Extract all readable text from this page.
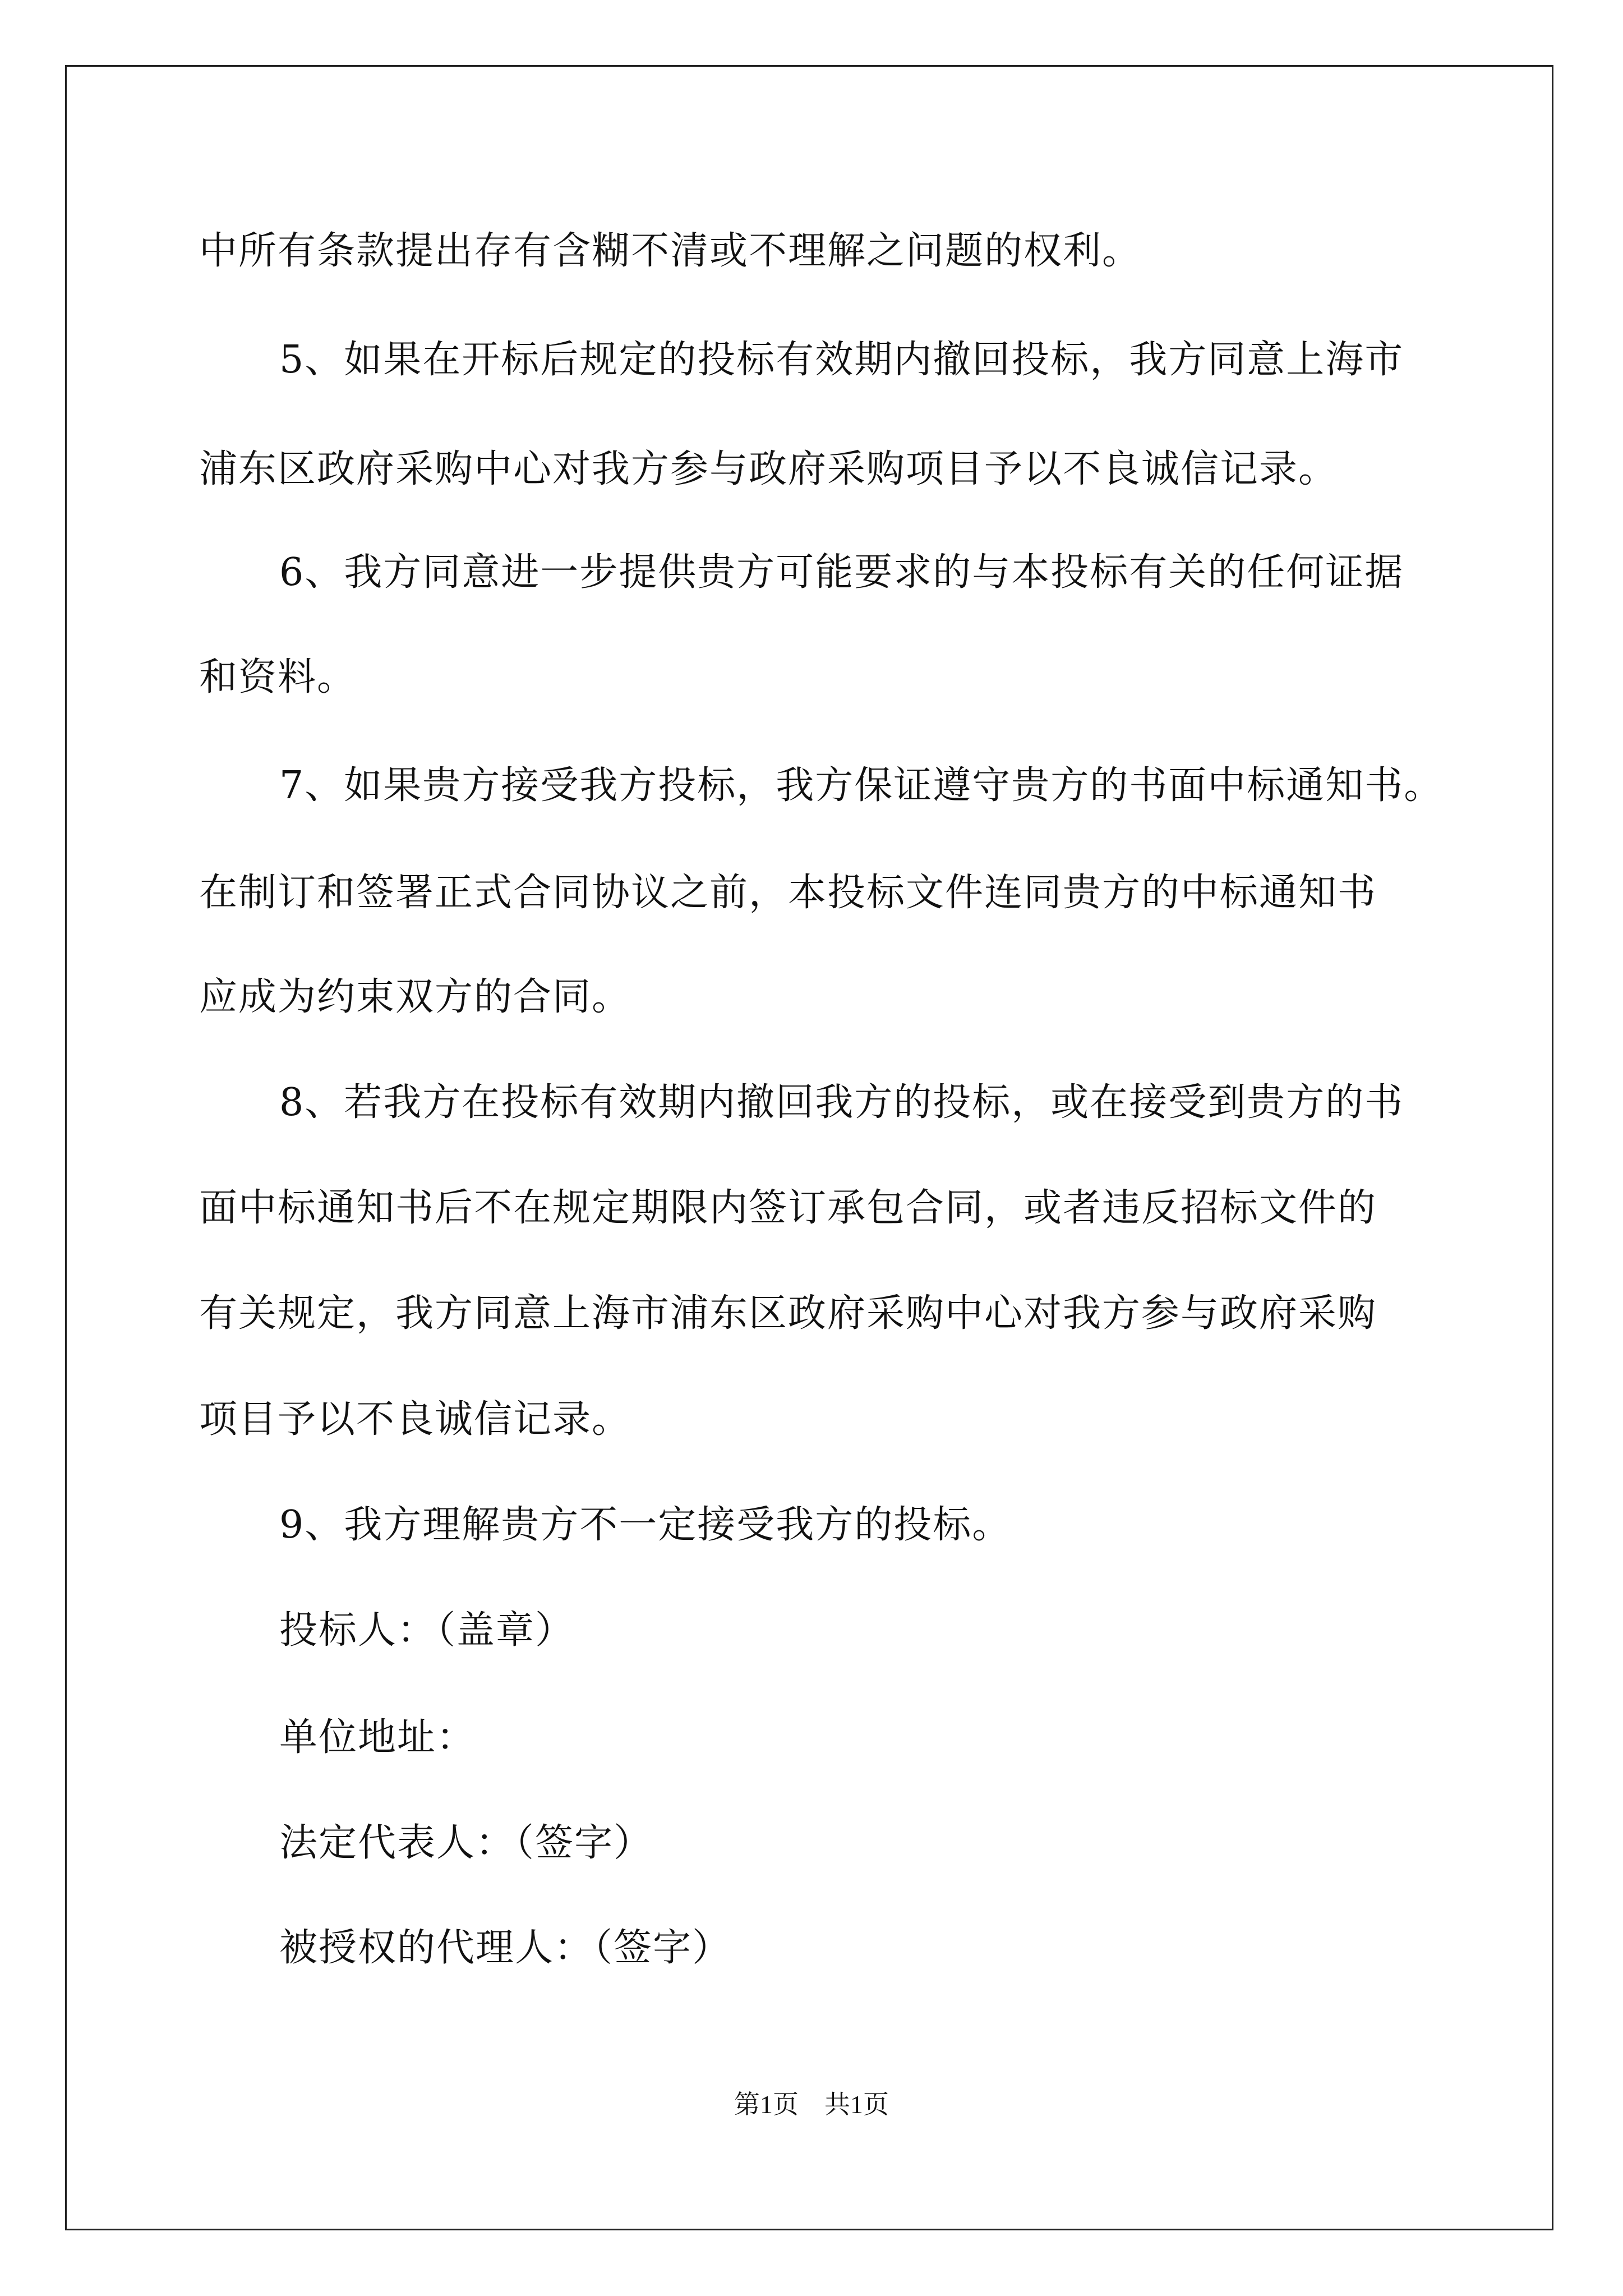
中所有条款提出存有含糊不清或不理解之问题的权利。

5、如果在开标后规定的投标有效期内撤回投标，我方同意上海市

浦东区政府采购中心对我方参与政府采购项目予以不良诚信记录。

6、我方同意进一步提供贵方可能要求的与本投标有关的任何证据

和资料。

7、如果贵方接受我方投标，我方保证遵守贵方的书面中标通知书。

在制订和签署正式合同协议之前，本投标文件连同贵方的中标通知书

应成为约束双方的合同。

8、若我方在投标有效期内撤回我方的投标，或在接受到贵方的书

面中标通知书后不在规定期限内签订承包合同，或者违反招标文件的

有关规定，我方同意上海市浦东区政府采购中心对我方参与政府采购

项目予以不良诚信记录。

9、我方理解贵方不一定接受我方的投标。

投标人：（盖章）

单位地址：

法定代表人：（签字）

被授权的代理人：（签字）

第1页 共1页
